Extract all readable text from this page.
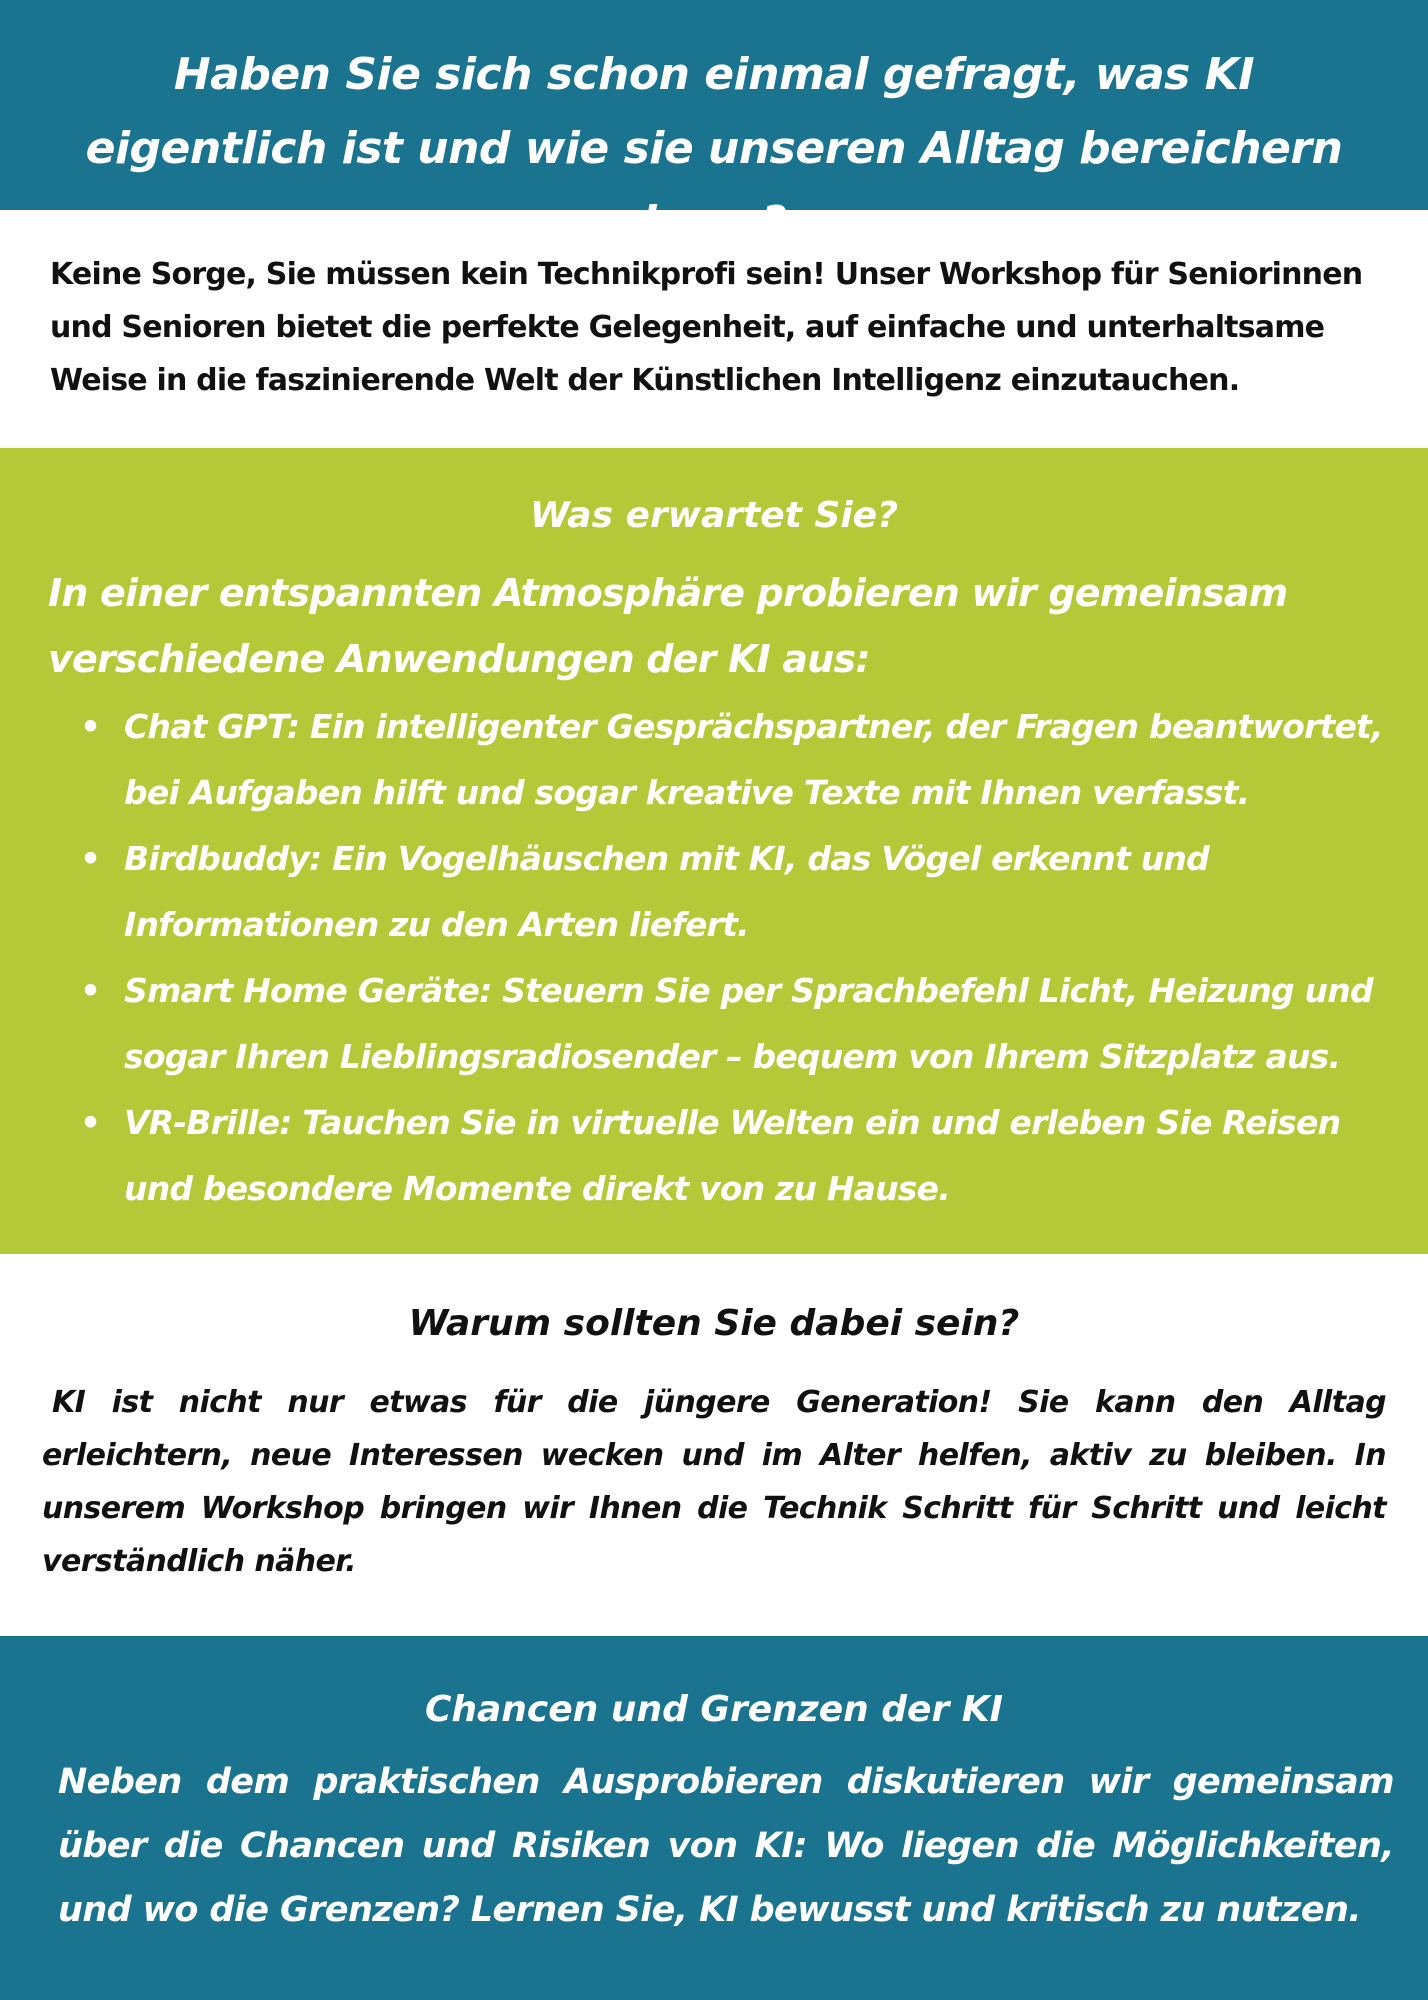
Haben Sie sich schon einmal gefragt, was KI eigentlich ist und wie sie unseren Alltag bereichern

Keine Sorge, Sie müssen kein Technikprofi sein! Unser Workshop für Seniorinnen und Senioren bietet die perfekte Gelegenheit, auf einfache und unterhaltsame Weise in die faszinierende Welt der Künstlichen Intelligenz einzutauchen.

Was erwartet Sie?

In einer entspannten Atmosphäre probieren wir gemeinsam verschiedene Anwendungen der KI aus:

• Chat GPT: Ein intelligenter Gesprächspartner, der Fragen beantwortet, bei Aufgaben hilft und sogar kreative Texte mit Ihnen verfasst.
• Birdbuddy: Ein Vogelhäuschen mit KI, das Vögel erkennt und Informationen zu den Arten liefert.
• Smart Home Geräte: Steuern Sie per Sprachbefehl Licht, Heizung und sogar Ihren Lieblingsradiosender – bequem von Ihrem Sitzplatz aus.
• VR-Brille: Tauchen Sie in virtuelle Welten ein und erleben Sie Reisen und besondere Momente direkt von zu Hause.
Warum sollten Sie dabei sein?

KI ist nicht nur etwas für die jüngere Generation! Sie kann den Alltag erleichtern, neue Interessen wecken und im Alter helfen, aktiv zu bleiben. In unserem Workshop bringen wir Ihnen die Technik Schritt für Schritt und leicht verständlich näher.

Chancen und Grenzen der KI

Neben dem praktischen Ausprobieren diskutieren wir gemeinsam über die Chancen und Risiken von KI: Wo liegen die Möglichkeiten, und wo die Grenzen? Lernen Sie, KI bewusst und kritisch zu nutzen.
